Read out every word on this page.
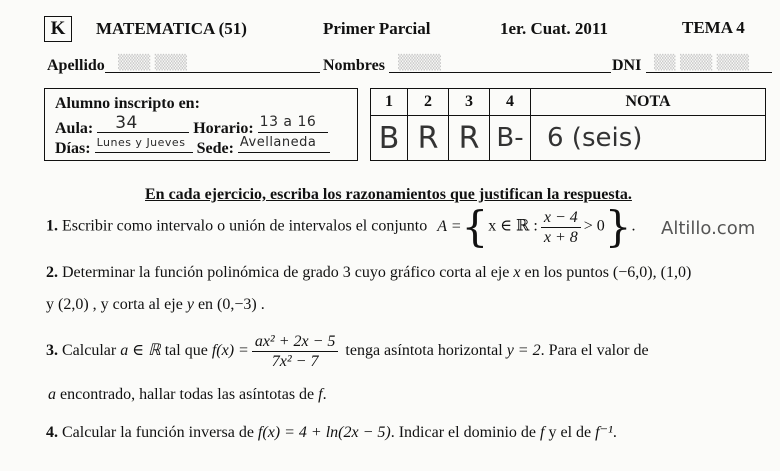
K MATEMATICA (51)	Primer Parcial	1er. Cuat. 2011	TEMA 4
Apellido ▒▒▒ ▒▒▒	Nombres ▒▒▒▒	DNI ▒▒ ▒▒▒ ▒▒▒
Alumno inscripto en:
Aula: 34	Horario: 13 a 16
Días: Lunes y Jueves Sede: Avellaneda
1	2	3	4	NOTA
B	R	R	B-	6 (seis)
En cada ejercicio, escriba los razonamientos que justifican la respuesta.
1. Escribir como intervalo o unión de intervalos el conjunto A ={x ∈ ℝ : $\frac{x - 4}{x + 8} > 0$}. Altillo.com
2. Determinar la función polinómica de grado 3 cuyo gráfico corta al eje x en los puntos (−6,0), (1,0)
y (2,0) , y corta al eje y en (0,−3) .
3. Calcular a ∈ ℝ tal que $f(x) = \frac{\text{ax² + 2x − 5}}{\text{7x² − 7}}$ tenga asíntota horizontal y = 2. Para el valor de
a encontrado, hallar todas las asíntotas de f.
4. Calcular la función inversa de f(x) = 4 + ln(2x − 5). Indicar el dominio de f y el de f⁻¹.
